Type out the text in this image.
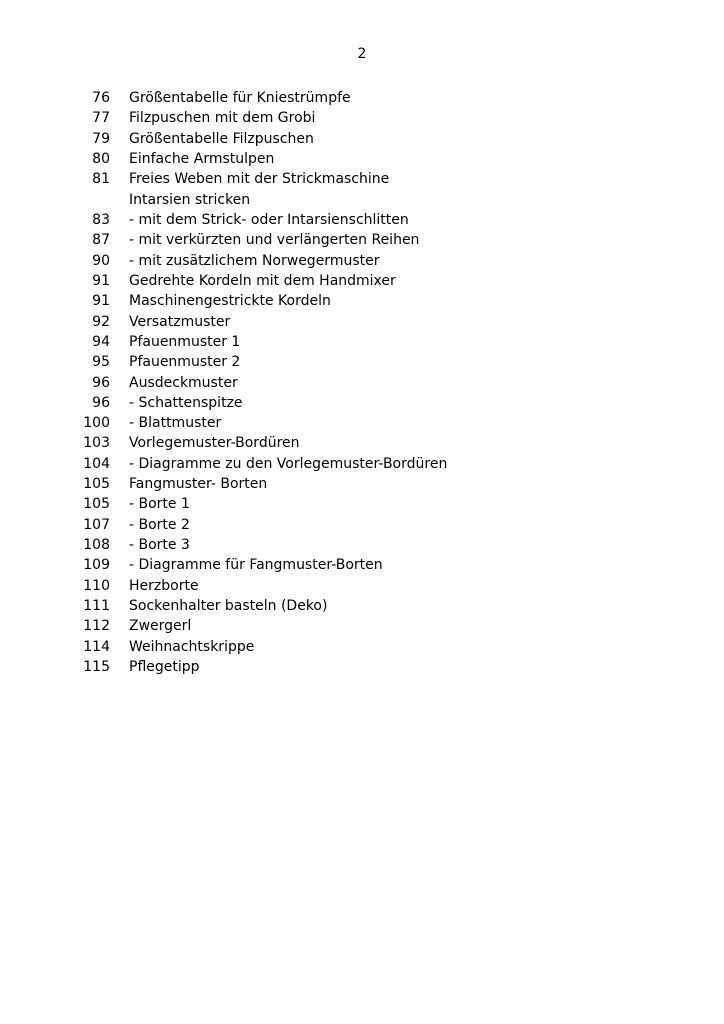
2
76 Größentabelle für Kniestrümpfe
77 Filzpuschen mit dem Grobi
79 Größentabelle Filzpuschen
80 Einfache Armstulpen
81 Freies Weben mit der Strickmaschine
Intarsien stricken
83 - mit dem Strick- oder Intarsienschlitten
87 - mit verkürzten und verlängerten Reihen
90 - mit zusätzlichem Norwegermuster
91 Gedrehte Kordeln mit dem Handmixer
91 Maschinengestrickte Kordeln
92 Versatzmuster
94 Pfauenmuster 1
95 Pfauenmuster 2
96 Ausdeckmuster
96 - Schattenspitze
100 - Blattmuster
103 Vorlegemuster-Bordüren
104 - Diagramme zu den Vorlegemuster-Bordüren
105 Fangmuster- Borten
105 - Borte 1
107 - Borte 2
108 - Borte 3
109 - Diagramme für Fangmuster-Borten
110 Herzborte
111 Sockenhalter basteln (Deko)
112 Zwergerl
114 Weihnachtskrippe
115 Pflegetipp
